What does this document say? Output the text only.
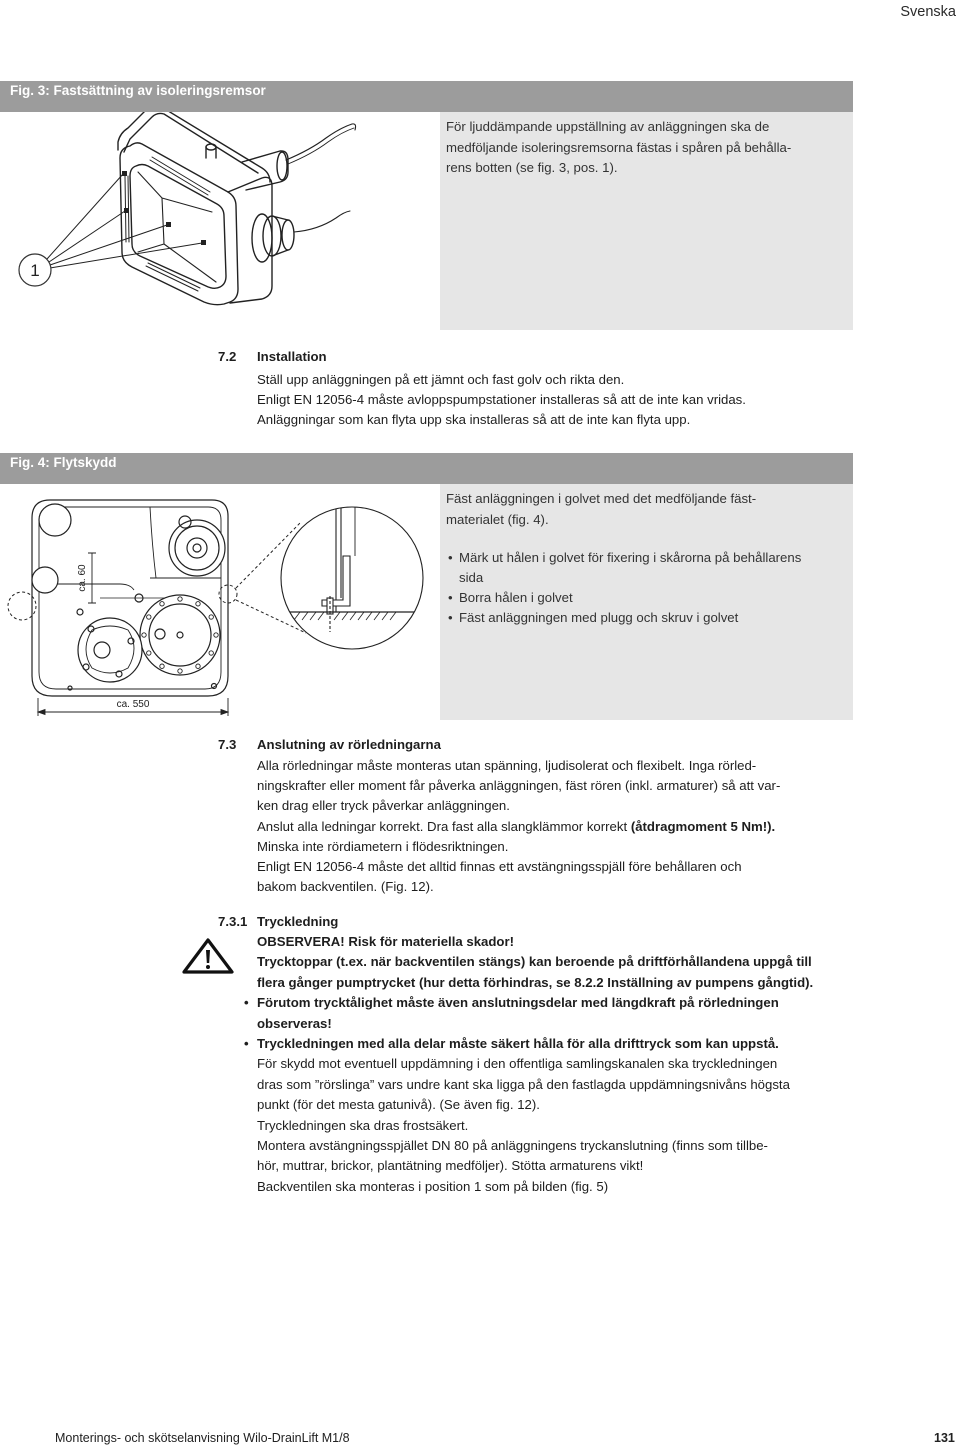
Svenska
Fig. 3: Fastsättning av isoleringsremsor
1
För ljuddämpande uppställning av anläggningen ska de
medföljande isoleringsremsorna fästas i spåren på behålla-
rens botten (se fig. 3, pos. 1).
7.2 Installation
Ställ upp anläggningen på ett jämnt och fast golv och rikta den.
Enligt EN 12056-4 måste avloppspumpstationer installeras så att de inte kan vridas.
Anläggningar som kan flyta upp ska installeras så att de inte kan flyta upp.
Fig. 4: Flytskydd
ca. 60
ca. 550
Fäst anläggningen i golvet med det medföljande fäst-
materialet (fig. 4).
• Märk ut hålen i golvet för fixering i skårorna på behållarens
sida
• Borra hålen i golvet
• Fäst anläggningen med plugg och skruv i golvet
7.3 Anslutning av rörledningarna
Alla rörledningar måste monteras utan spänning, ljudisolerat och flexibelt. Inga rörled-
ningskrafter eller moment får påverka anläggningen, fäst rören (inkl. armaturer) så att var-
ken drag eller tryck påverkar anläggningen.
Anslut alla ledningar korrekt. Dra fast alla slangklämmor korrekt (åtdragmoment 5 Nm!).
Minska inte rördiametern i flödesriktningen.
Enligt EN 12056-4 måste det alltid finnas ett avstängningsspjäll före behållaren och
bakom backventilen. (Fig. 12).
7.3.1 Tryckledning
OBSERVERA! Risk för materiella skador!
Trycktoppar (t.ex. när backventilen stängs) kan beroende på driftförhållandena uppgå till
flera gånger pumptrycket (hur detta förhindras, se 8.2.2 Inställning av pumpens gångtid).
• Förutom trycktålighet måste även anslutningsdelar med längdkraft på rörledningen
observeras!
• Tryckledningen med alla delar måste säkert hålla för alla drifttryck som kan uppstå.
För skydd mot eventuell uppdämning i den offentliga samlingskanalen ska tryckledningen
dras som ”rörslinga” vars undre kant ska ligga på den fastlagda uppdämningsnivåns högsta
punkt (för det mesta gatunivå). (Se även fig. 12).
Tryckledningen ska dras frostsäkert.
Montera avstängningsspjället DN 80 på anläggningens tryckanslutning (finns som tillbe-
hör, muttrar, brickor, plantätning medföljer). Stötta armaturens vikt!
Backventilen ska monteras i position 1 som på bilden (fig. 5)
Monterings- och skötselanvisning Wilo-DrainLift M1/8	131
